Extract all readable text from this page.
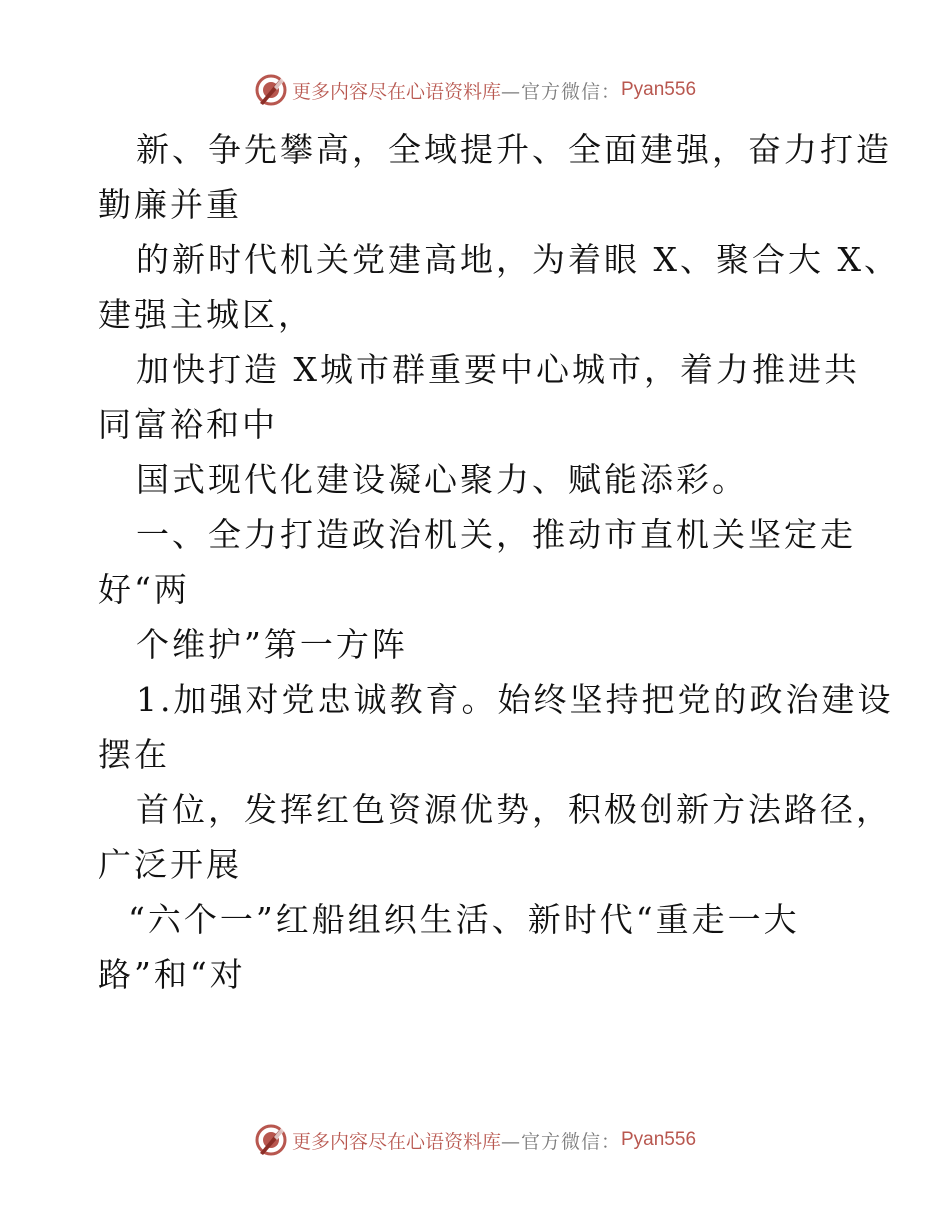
更多内容尽在心语资料库 —官方微信： Pyan556
新、争先攀高，全域提升、全面建强，奋力打造
勤廉并重
的新时代机关党建高地，为着眼 X、聚合大 X、
建强主城区，
加快打造 X城市群重要中心城市，着力推进共
同富裕和中
国式现代化建设凝心聚力、赋能添彩。
一、全力打造政治机关，推动市直机关坚定走
好“两
个维护”第一方阵
1.加强对党忠诚教育。始终坚持把党的政治建设
摆在
首位，发挥红色资源优势，积极创新方法路径，
广泛开展
“六个一”红船组织生活、新时代“重走一大
路”和“对
更多内容尽在心语资料库 —官方微信： Pyan556
